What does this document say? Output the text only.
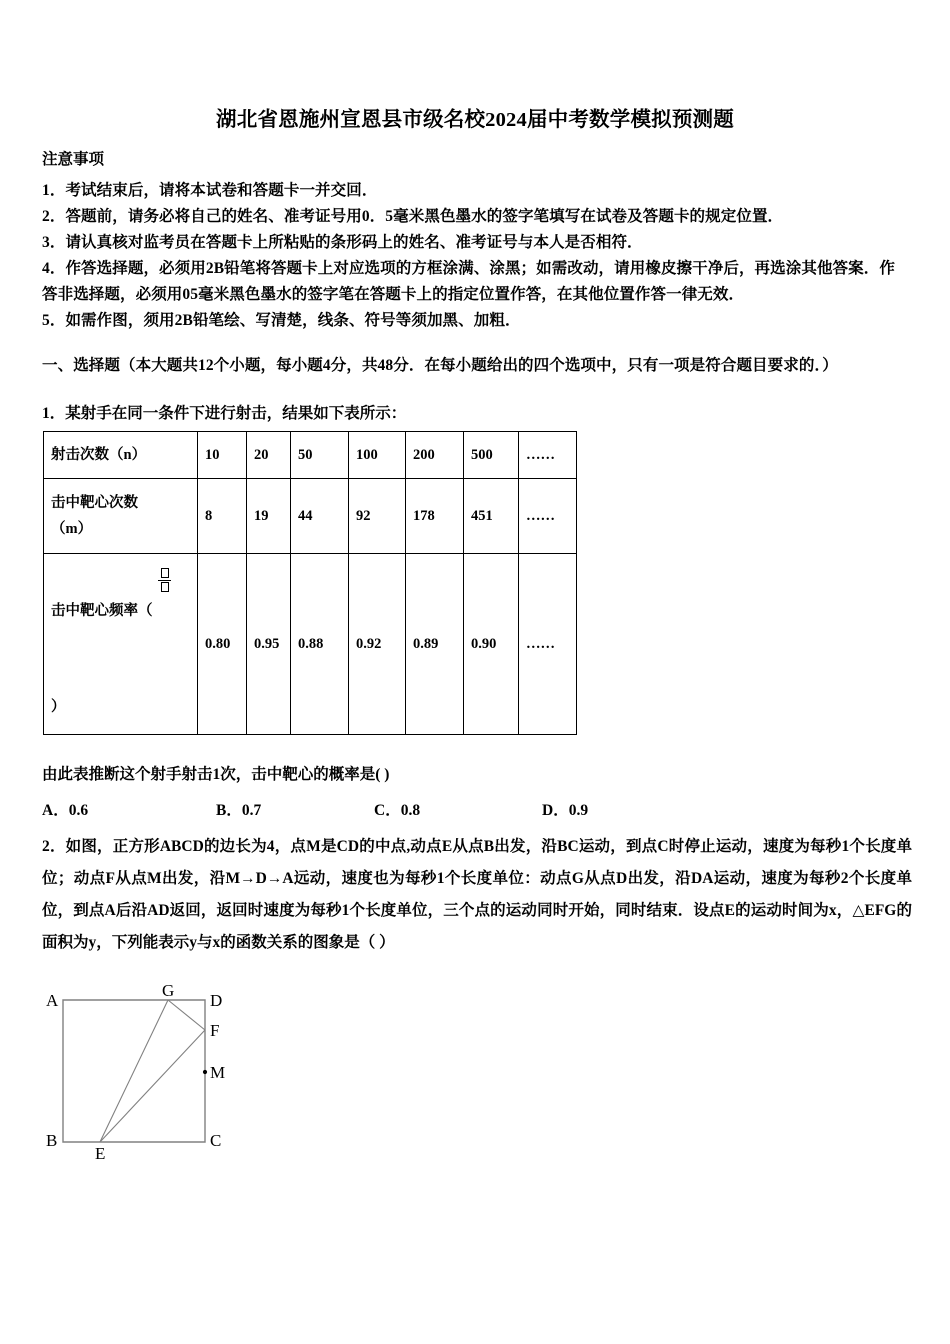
湖北省恩施州宣恩县市级名校2024届中考数学模拟预测题
注意事项
1．考试结束后，请将本试卷和答题卡一并交回．
2．答题前，请务必将自己的姓名、准考证号用0．5毫米黑色墨水的签字笔填写在试卷及答题卡的规定位置．
3．请认真核对监考员在答题卡上所粘贴的条形码上的姓名、准考证号与本人是否相符．
4．作答选择题，必须用2B铅笔将答题卡上对应选项的方框涂满、涂黑；如需改动，请用橡皮擦干净后，再选涂其他答案．作答非选择题，必须用05毫米黑色墨水的签字笔在答题卡上的指定位置作答，在其他位置作答一律无效．
5．如需作图，须用2B铅笔绘、写清楚，线条、符号等须加黑、加粗．
一、选择题（本大题共12个小题，每小题4分，共48分．在每小题给出的四个选项中，只有一项是符合题目要求的．）
1．某射手在同一条件下进行射击，结果如下表所示：
射击次数（n）	10	20	50	100	200	500	……
击中靶心次数
（m）	8	19	44	92	178	451	……

击中靶心频率（
）	0.80	0.95	0.88	0.92	0.89	0.90	……
由此表推断这个射手射击1次，击中靶心的概率是( )
A．0.6	B．0.7	C．0.8	D．0.9
2．如图，正方形ABCD的边长为4，点M是CD的中点,动点E从点B出发，沿BC运动，到点C时停止运动，速度为每秒1个长度单位；动点F从点M出发，沿M→D→A远动，速度也为每秒1个长度单位：动点G从点D出发，沿DA运动，速度为每秒2个长度单位，到点A后沿AD返回，返回时速度为每秒1个长度单位，三个点的运动同时开始，同时结束．设点E的运动时间为x，△EFG的面积为y，下列能表示y与x的函数关系的图象是（ ）
A	D
B	C
G
F
M
E
